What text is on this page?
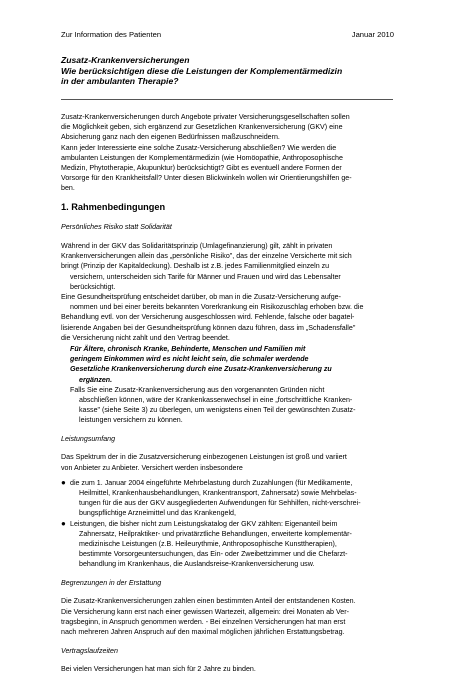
Zur Information des Patienten	Januar 2010
Zusatz-Krankenversicherungen
Wie berücksichtigen diese die Leistungen der Komplementärmedizin
in der ambulanten Therapie?

Zusatz-Krankenversicherungen durch Angebote privater Versicherungsgesellschaften sollen
die Möglichkeit geben, sich ergänzend zur Gesetzlichen Krankenversicherung (GKV) eine
Absicherung ganz nach den eigenen Bedürfnissen maßzuschneidern.
Kann jeder Interessierte eine solche Zusatz-Versicherung abschließen? Wie werden die
ambulanten Leistungen der Komplementärmedizin (wie Homöopathie, Anthroposophische
Medizin, Phytotherapie, Akupunktur) berücksichtigt? Gibt es eventuell andere Formen der
Vorsorge für den Krankheitsfall? Unter diesen Blickwinkeln wollen wir Orientierungshilfen ge-
ben.

1. Rahmenbedingungen

Persönliches Risiko statt Solidarität

Während in der GKV das Solidaritätsprinzip (Umlagefinanzierung) gilt, zählt in privaten
Krankenversicherungen allein das „persönliche Risiko", das der einzelne Versicherte mit sich
bringt (Prinzip der Kapitaldeckung). Deshalb ist z.B. jedes Familienmitglied einzeln zu
versichern, unterscheiden sich Tarife für Männer und Frauen und wird das Lebensalter
berücksichtigt.
Eine Gesundheitsprüfung entscheidet darüber, ob man in die Zusatz-Versicherung aufge-
nommen und bei einer bereits bekannten Vorerkrankung ein Risikozuschlag erhoben bzw. die
Behandlung evtl. von der Versicherung ausgeschlossen wird. Fehlende, falsche oder bagatel-
lisierende Angaben bei der Gesundheitsprüfung können dazu führen, dass im „Schadensfalle"
die Versicherung nicht zahlt und den Vertrag beendet.

Für Ältere, chronisch Kranke, Behinderte, Menschen und Familien mit
geringem Einkommen wird es nicht leicht sein, die schmaler werdende
Gesetzliche Krankenversicherung durch eine Zusatz-Krankenversicherung zu
ergänzen.
Falls Sie eine Zusatz-Krankenversicherung aus den vorgenannten Gründen nicht
abschließen können, wäre der Krankenkassenwechsel in eine „fortschrittliche Kranken-
kasse" (siehe Seite 3) zu überlegen, um wenigstens einen Teil der gewünschten Zusatz-
leistungen versichern zu können.

Leistungsumfang

Das Spektrum der in die Zusatzversicherung einbezogenen Leistungen ist groß und variiert
von Anbieter zu Anbieter. Versichert werden insbesondere

● die zum 1. Januar 2004 eingeführte Mehrbelastung durch Zuzahlungen (für Medikamente,
Heilmittel, Krankenhausbehandlungen, Krankentransport, Zahnersatz) sowie Mehrbelas-
tungen für die aus der GKV ausgegliederten Aufwendungen für Sehhilfen, nicht-verschrei-
bungspflichtige Arzneimittel und das Krankengeld,
● Leistungen, die bisher nicht zum Leistungskatalog der GKV zählten: Eigenanteil beim
Zahnersatz, Heilpraktiker- und privatärztliche Behandlungen, erweiterte komplementär-
medizinische Leistungen (z.B. Heileurythmie, Anthroposophische Kunsttherapien),
bestimmte Vorsorgeuntersuchungen, das Ein- oder Zweibettzimmer und die Chefarzt-
behandlung im Krankenhaus, die Auslandsreise-Krankenversicherung usw.

Begrenzungen in der Erstattung

Die Zusatz-Krankenversicherungen zahlen einen bestimmten Anteil der entstandenen Kosten.
Die Versicherung kann erst nach einer gewissen Wartezeit, allgemein: drei Monaten ab Ver-
tragsbeginn, in Anspruch genommen werden. - Bei einzelnen Versicherungen hat man erst
nach mehreren Jahren Anspruch auf den maximal möglichen jährlichen Erstattungsbetrag.

Vertragslaufzeiten

Bei vielen Versicherungen hat man sich für 2 Jahre zu binden.
